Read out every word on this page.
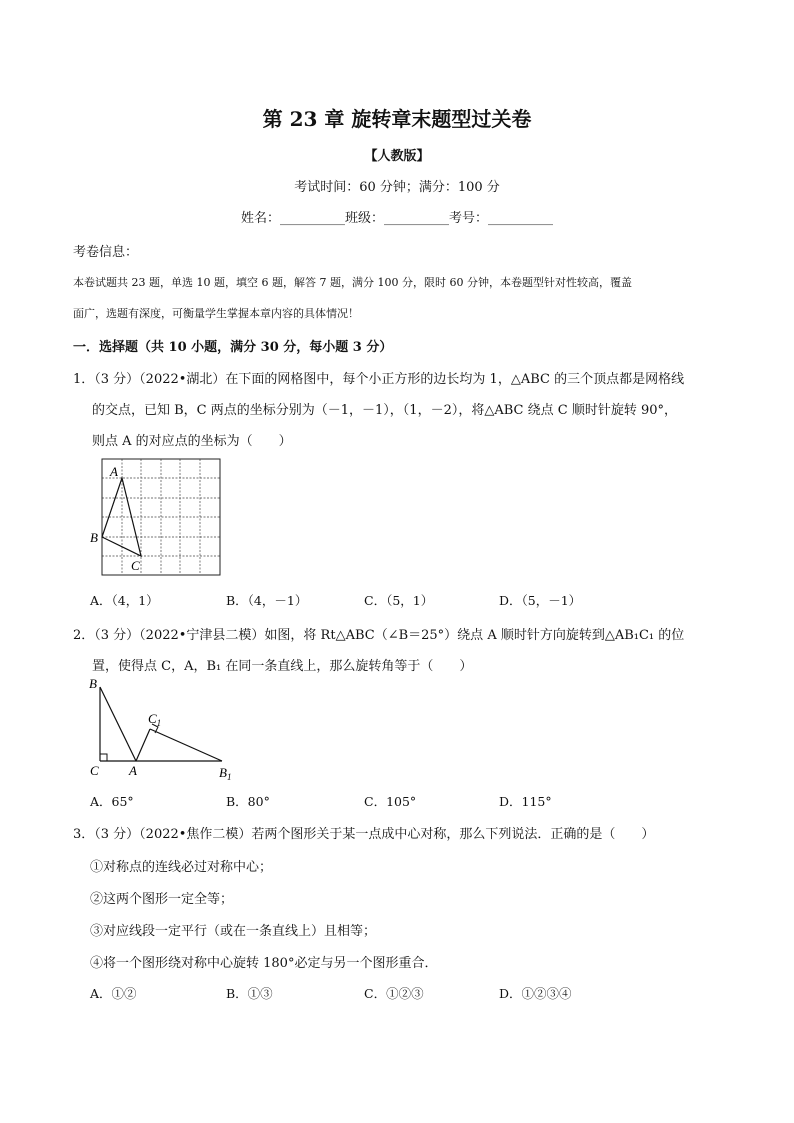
第 23 章 旋转章末题型过关卷
【人教版】
考试时间：60 分钟；满分：100 分
姓名：__________班级：__________考号：__________
考卷信息：
本卷试题共 23 题，单选 10 题，填空 6 题，解答 7 题，满分 100 分，限时 60 分钟，本卷题型针对性较高，覆盖
面广，选题有深度，可衡量学生掌握本章内容的具体情况！
一．选择题（共 10 小题，满分 30 分，每小题 3 分）
1．（3 分）（2022•湖北）在下面的网格图中，每个小正方形的边长均为 1，△ABC 的三个顶点都是网格线
的交点，已知 B，C 两点的坐标分别为（－1，－1），（1，－2），将△ABC 绕点 C 顺时针旋转 90°，
则点 A 的对应点的坐标为（　　）
A
B
C
A．（4，1）	B．（4，－1）	C．（5，1）	D．（5，－1）
2．（3 分）（2022•宁津县二模）如图，将 Rt△ABC（∠B＝25°）绕点 A 顺时针方向旋转到△AB₁C₁ 的位
置，使得点 C，A，B₁ 在同一条直线上，那么旋转角等于（　　）
B
C A
$C_1$
$B_1$
A．65°	B．80°	C．105°	D．115°
3．（3 分）（2022•焦作二模）若两个图形关于某一点成中心对称，那么下列说法．正确的是（　　）
①对称点的连线必过对称中心；
②这两个图形一定全等；
③对应线段一定平行（或在一条直线上）且相等；
④将一个图形绕对称中心旋转 180°必定与另一个图形重合．
A．①②	B．①③	C．①②③	D．①②③④
